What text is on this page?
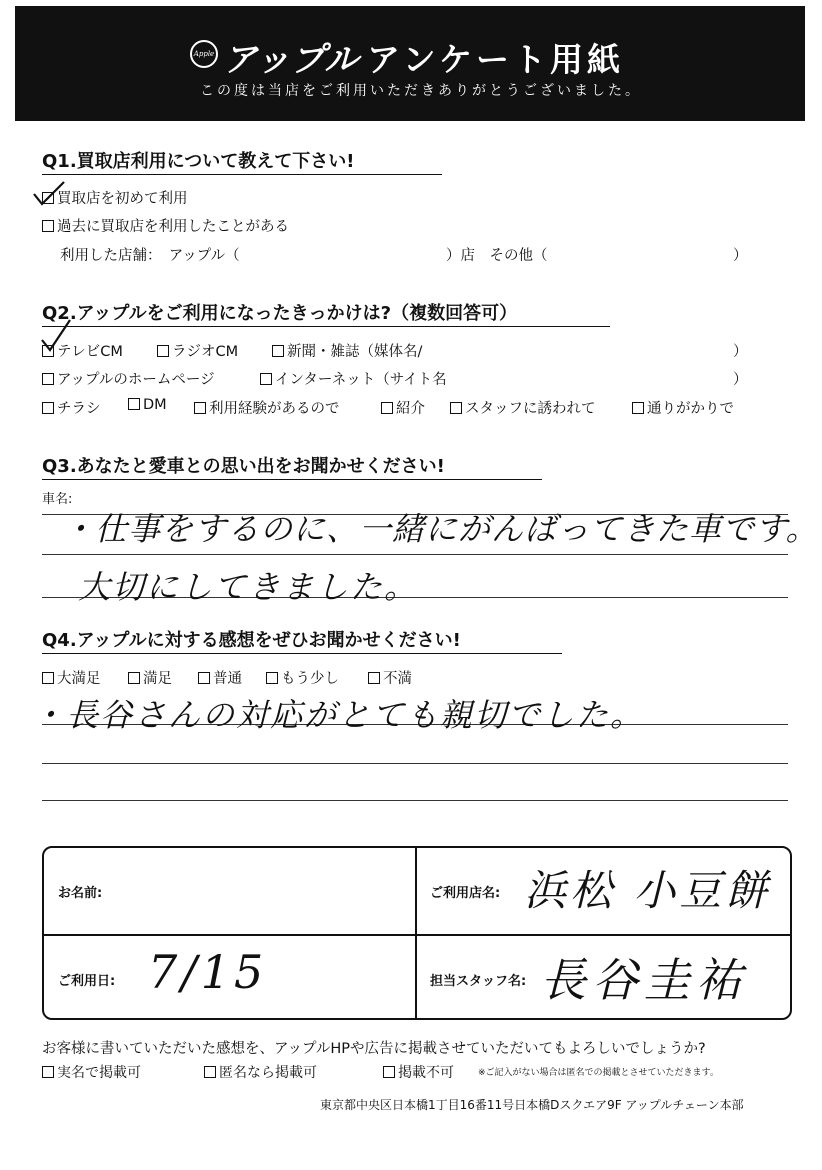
Apple アップル アンケート用紙
この度は当店をご利用いただきありがとうございました。
Q1.買取店利用について教えて下さい!
買取店を初めて利用
過去に買取店を利用したことがある
利用した店舗：　アップル（	）店　その他（	）
Q2.アップルをご利用になったきっかけは?（複数回答可）
テレビCM	ラジオCM	新聞・雑誌（媒体名/	）
アップルのホームページ	インターネット（サイト名	）
チラシ	DM	利用経験があるので	紹介	スタッフに誘われて	通りがかりで
Q3.あなたと愛車との思い出をお聞かせください!
車名:
・仕事をするのに、一緒にがんばってきた車です。
大切にしてきました。
Q4.アップルに対する感想をぜひお聞かせください!
大満足	満足	普通	もう少し	不満
・長谷さんの対応がとても親切でした。
お名前:	ご利用店名: 浜松 小豆餅
ご利用日: 7/15	担当スタッフ名: 長谷圭祐
お客様に書いていただいた感想を、アップルHPや広告に掲載させていただいてもよろしいでしょうか?
実名で掲載可	匿名なら掲載可	掲載不可	※ご記入がない場合は匿名での掲載とさせていただきます。
東京都中央区日本橋1丁目16番11号日本橋Dスクエア9F アップルチェーン本部
